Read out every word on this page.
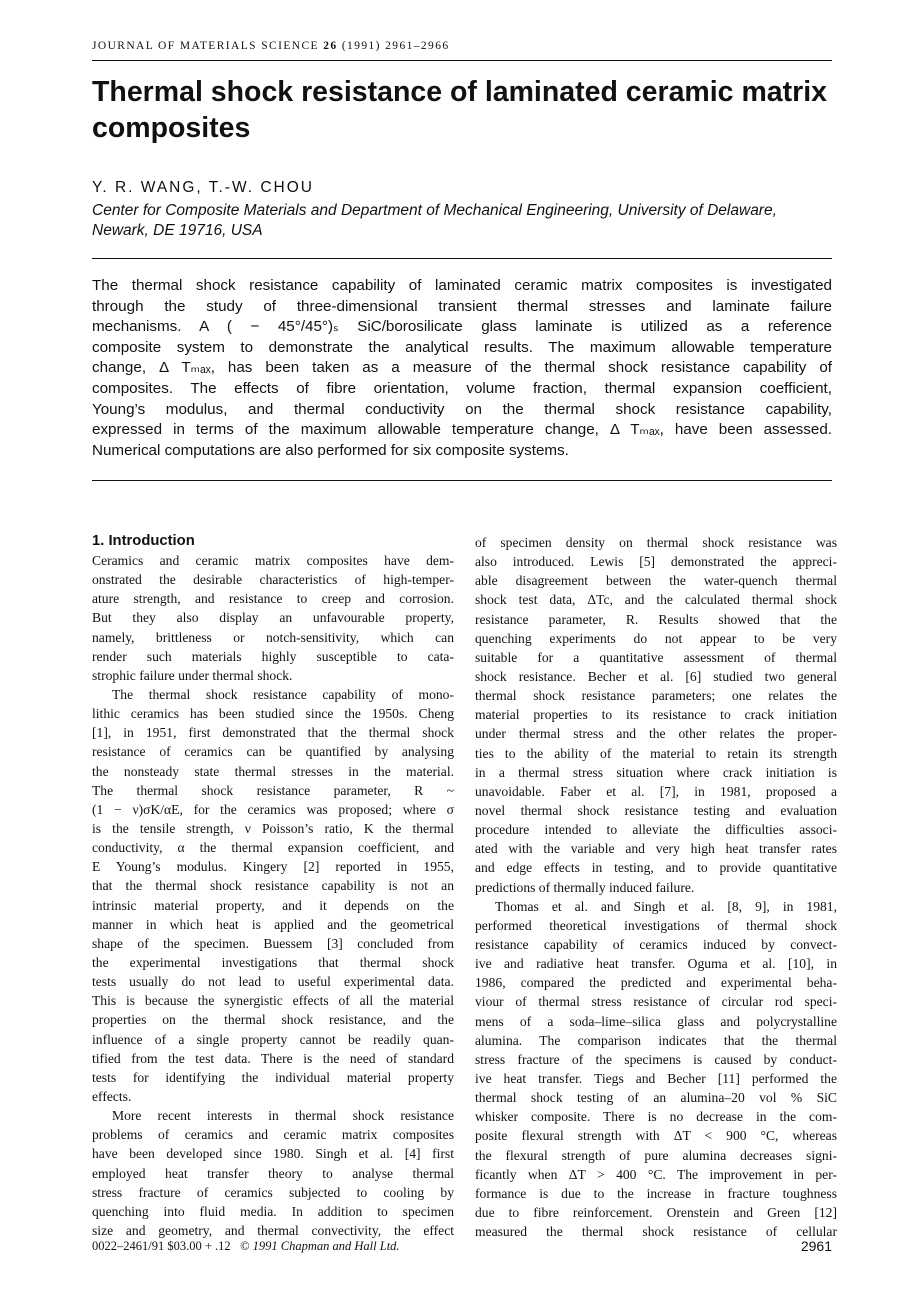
JOURNAL OF MATERIALS SCIENCE 26 (1991) 2961–2966
Thermal shock resistance of laminated ceramic matrix composites
Y. R. WANG, T.-W. CHOU
Center for Composite Materials and Department of Mechanical Engineering, University of Delaware, Newark, DE 19716, USA
The thermal shock resistance capability of laminated ceramic matrix composites is investigated
through the study of three-dimensional transient thermal stresses and laminate failure
mechanisms. A ( − 45°/45°)ₛ SiC/borosilicate glass laminate is utilized as a reference
composite system to demonstrate the analytical results. The maximum allowable temperature
change, Δ Tₘₐₓ, has been taken as a measure of the thermal shock resistance capability of
composites. The effects of fibre orientation, volume fraction, thermal expansion coefficient,
Young’s modulus, and thermal conductivity on the thermal shock resistance capability,
expressed in terms of the maximum allowable temperature change, Δ Tₘₐₓ, have been assessed.
Numerical computations are also performed for six composite systems.
1. Introduction
Ceramics and ceramic matrix composites have dem-
onstrated the desirable characteristics of high-temper-
ature strength, and resistance to creep and corrosion.
But they also display an unfavourable property,
namely, brittleness or notch-sensitivity, which can
render such materials highly susceptible to cata-
strophic failure under thermal shock.
The thermal shock resistance capability of mono-
lithic ceramics has been studied since the 1950s. Cheng
[1], in 1951, first demonstrated that the thermal shock
resistance of ceramics can be quantified by analysing
the nonsteady state thermal stresses in the material.
The thermal shock resistance parameter, R ~
(1 − ν)σK/αE, for the ceramics was proposed; where σ
is the tensile strength, ν Poisson’s ratio, K the thermal
conductivity, α the thermal expansion coefficient, and
E Young’s modulus. Kingery [2] reported in 1955,
that the thermal shock resistance capability is not an
intrinsic material property, and it depends on the
manner in which heat is applied and the geometrical
shape of the specimen. Buessem [3] concluded from
the experimental investigations that thermal shock
tests usually do not lead to useful experimental data.
This is because the synergistic effects of all the material
properties on the thermal shock resistance, and the
influence of a single property cannot be readily quan-
tified from the test data. There is the need of standard
tests for identifying the individual material property
effects.
More recent interests in thermal shock resistance
problems of ceramics and ceramic matrix composites
have been developed since 1980. Singh et al. [4] first
employed heat transfer theory to analyse thermal
stress fracture of ceramics subjected to cooling by
quenching into fluid media. In addition to specimen
size and geometry, and thermal convectivity, the effect
of specimen density on thermal shock resistance was
also introduced. Lewis [5] demonstrated the appreci-
able disagreement between the water-quench thermal
shock test data, ΔTc, and the calculated thermal shock
resistance parameter, R. Results showed that the
quenching experiments do not appear to be very
suitable for a quantitative assessment of thermal
shock resistance. Becher et al. [6] studied two general
thermal shock resistance parameters; one relates the
material properties to its resistance to crack initiation
under thermal stress and the other relates the proper-
ties to the ability of the material to retain its strength
in a thermal stress situation where crack initiation is
unavoidable. Faber et al. [7], in 1981, proposed a
novel thermal shock resistance testing and evaluation
procedure intended to alleviate the difficulties associ-
ated with the variable and very high heat transfer rates
and edge effects in testing, and to provide quantitative
predictions of thermally induced failure.
Thomas et al. and Singh et al. [8, 9], in 1981,
performed theoretical investigations of thermal shock
resistance capability of ceramics induced by convect-
ive and radiative heat transfer. Oguma et al. [10], in
1986, compared the predicted and experimental beha-
viour of thermal stress resistance of circular rod speci-
mens of a soda–lime–silica glass and polycrystalline
alumina. The comparison indicates that the thermal
stress fracture of the specimens is caused by conduct-
ive heat transfer. Tiegs and Becher [11] performed the
thermal shock testing of an alumina–20 vol % SiC
whisker composite. There is no decrease in the com-
posite flexural strength with ΔT < 900 °C, whereas
the flexural strength of pure alumina decreases signi-
ficantly when ΔT > 400 °C. The improvement in per-
formance is due to the increase in fracture toughness
due to fibre reinforcement. Orenstein and Green [12]
measured the thermal shock resistance of cellular
0022–2461/91 $03.00 + .12 © 1991 Chapman and Hall Ltd.	2961
